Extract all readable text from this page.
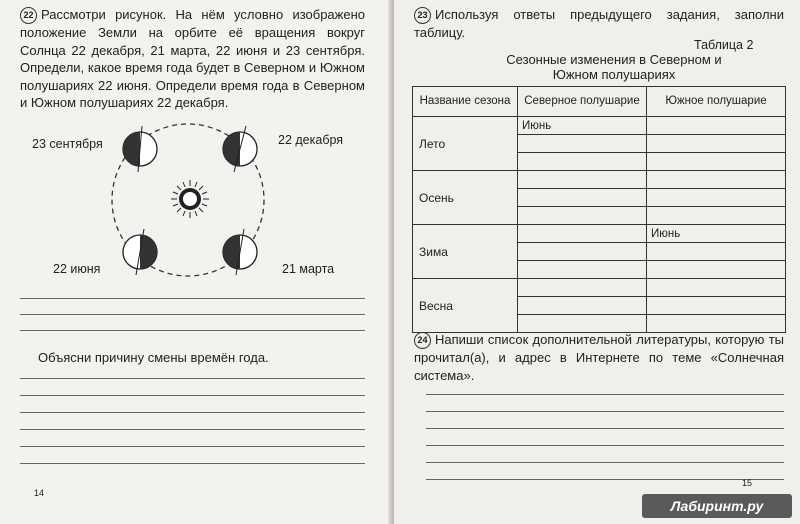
22 Рассмотри рисунок. На нём условно изображено положение Земли на орбите её вращения вокруг Солнца 22 декабря, 21 марта, 22 июня и 23 сентября. Определи, какое время года будет в Северном и Южном полушариях 22 июня. Определи время года в Северном и Южном полушариях 22 декабря.

23 сентября	22 декабря
22 июня	21 марта

Объясни причину смены времён года.

14

23 Используя ответы предыдущего задания, заполни таблицу.

Таблица 2

Сезонные изменения в Северном и Южном полушариях

Название сезона	Северное полушарие	Южное полушарие
Лето	Июнь	

Осень		

Зима		Июнь

Весна		

24 Напиши список дополнительной литературы, которую ты прочитал(а), и адрес в Интернете по теме «Солнечная система».

15
Лабиринт.ру
